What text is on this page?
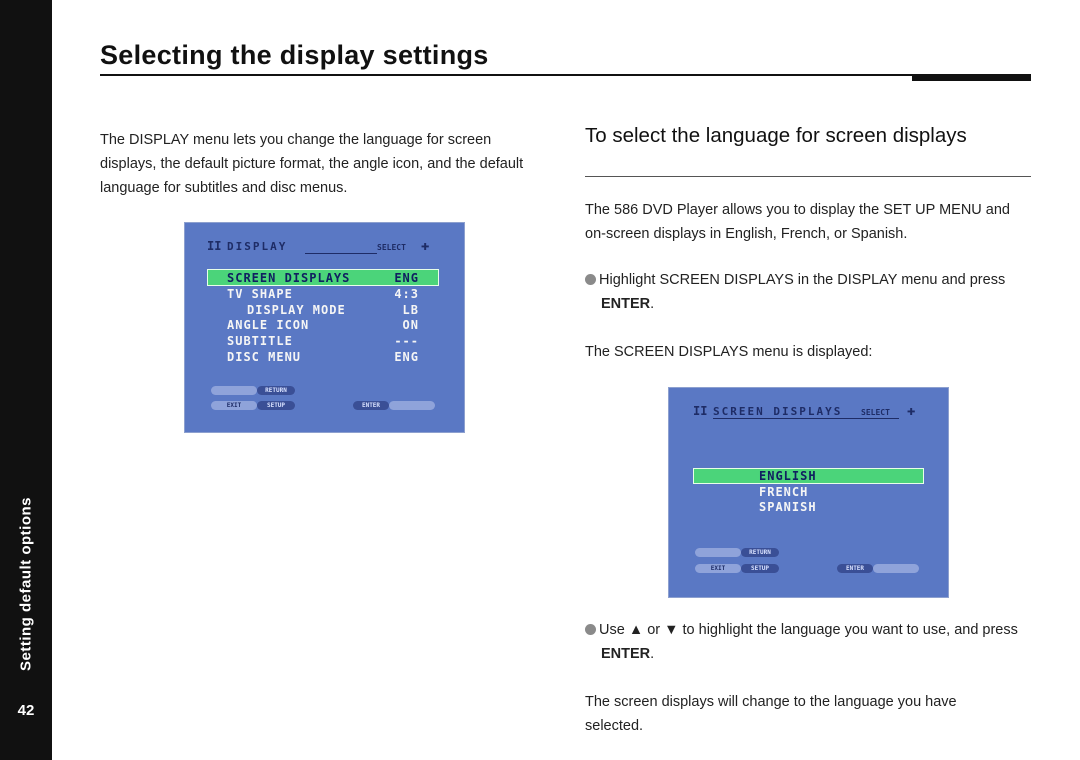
Setting default options
42
Selecting the display settings

The DISPLAY menu lets you change the language for screen displays, the default picture format, the angle icon, and the default language for subtitles and disc menus.

II DISPLAY	SELECT ✚
SCREEN DISPLAYS	ENG
TV SHAPE	4:3
DISPLAY MODE	LB
ANGLE ICON	ON
SUBTITLE	---
DISC MENU	ENG
RETURN
EXIT	SETUP	ENTER
To select the language for screen displays

The 586 DVD Player allows you to display the SET UP MENU and on-screen displays in English, French, or Spanish.

Highlight SCREEN DISPLAYS in the DISPLAY menu and press ENTER.

The SCREEN DISPLAYS menu is displayed:

II SCREEN DISPLAYS SELECT ✚
ENGLISH
FRENCH
SPANISH
RETURN
EXIT	SETUP	ENTER

Use ▲ or ▼ to highlight the language you want to use, and press ENTER.

The screen displays will change to the language you have selected.
